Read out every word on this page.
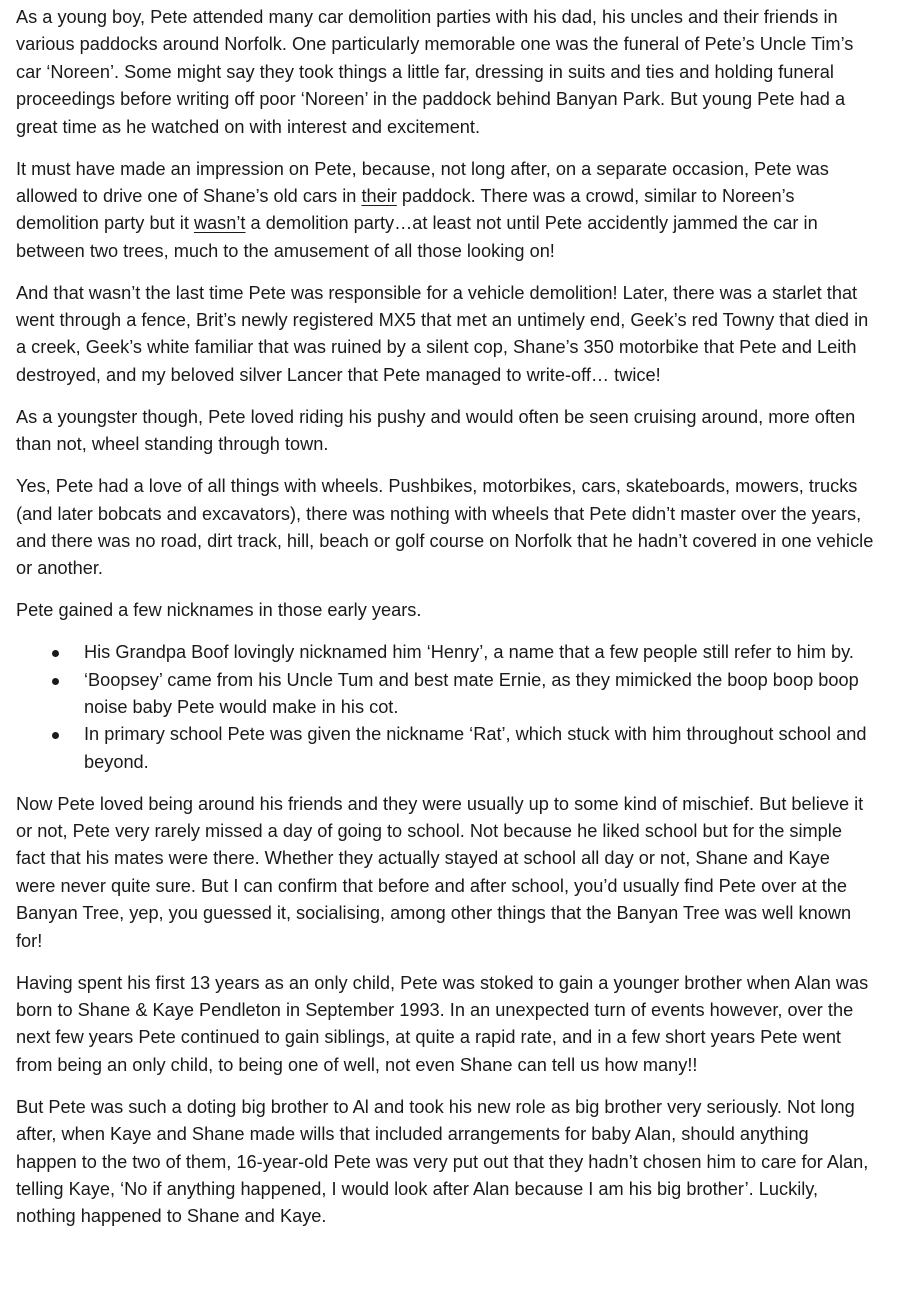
As a young boy, Pete attended many car demolition parties with his dad, his uncles and their friends in various paddocks around Norfolk. One particularly memorable one was the funeral of Pete’s Uncle Tim’s car ‘Noreen’. Some might say they took things a little far, dressing in suits and ties and holding funeral proceedings before writing off poor ‘Noreen’ in the paddock behind Banyan Park. But young Pete had a great time as he watched on with interest and excitement.

It must have made an impression on Pete, because, not long after, on a separate occasion, Pete was allowed to drive one of Shane’s old cars in their paddock. There was a crowd, similar to Noreen’s demolition party but it wasn’t a demolition party…at least not until Pete accidently jammed the car in between two trees, much to the amusement of all those looking on!

And that wasn’t the last time Pete was responsible for a vehicle demolition! Later, there was a starlet that went through a fence, Brit’s newly registered MX5 that met an untimely end, Geek’s red Towny that died in a creek, Geek’s white familiar that was ruined by a silent cop, Shane’s 350 motorbike that Pete and Leith destroyed, and my beloved silver Lancer that Pete managed to write-off… twice!

As a youngster though, Pete loved riding his pushy and would often be seen cruising around, more often than not, wheel standing through town.

Yes, Pete had a love of all things with wheels. Pushbikes, motorbikes, cars, skateboards, mowers, trucks (and later bobcats and excavators), there was nothing with wheels that Pete didn’t master over the years, and there was no road, dirt track, hill, beach or golf course on Norfolk that he hadn’t covered in one vehicle or another.

Pete gained a few nicknames in those early years.

His Grandpa Boof lovingly nicknamed him ‘Henry’, a name that a few people still refer to him by.
‘Boopsey’ came from his Uncle Tum and best mate Ernie, as they mimicked the boop boop boop noise baby Pete would make in his cot.
In primary school Pete was given the nickname ‘Rat’, which stuck with him throughout school and beyond.

Now Pete loved being around his friends and they were usually up to some kind of mischief. But believe it or not, Pete very rarely missed a day of going to school. Not because he liked school but for the simple fact that his mates were there. Whether they actually stayed at school all day or not, Shane and Kaye were never quite sure. But I can confirm that before and after school, you’d usually find Pete over at the Banyan Tree, yep, you guessed it, socialising, among other things that the Banyan Tree was well known for!

Having spent his first 13 years as an only child, Pete was stoked to gain a younger brother when Alan was born to Shane & Kaye Pendleton in September 1993. In an unexpected turn of events however, over the next few years Pete continued to gain siblings, at quite a rapid rate, and in a few short years Pete went from being an only child, to being one of well, not even Shane can tell us how many!!

But Pete was such a doting big brother to Al and took his new role as big brother very seriously. Not long after, when Kaye and Shane made wills that included arrangements for baby Alan, should anything happen to the two of them, 16-year-old Pete was very put out that they hadn’t chosen him to care for Alan, telling Kaye, ‘No if anything happened, I would look after Alan because I am his big brother’. Luckily, nothing happened to Shane and Kaye.
